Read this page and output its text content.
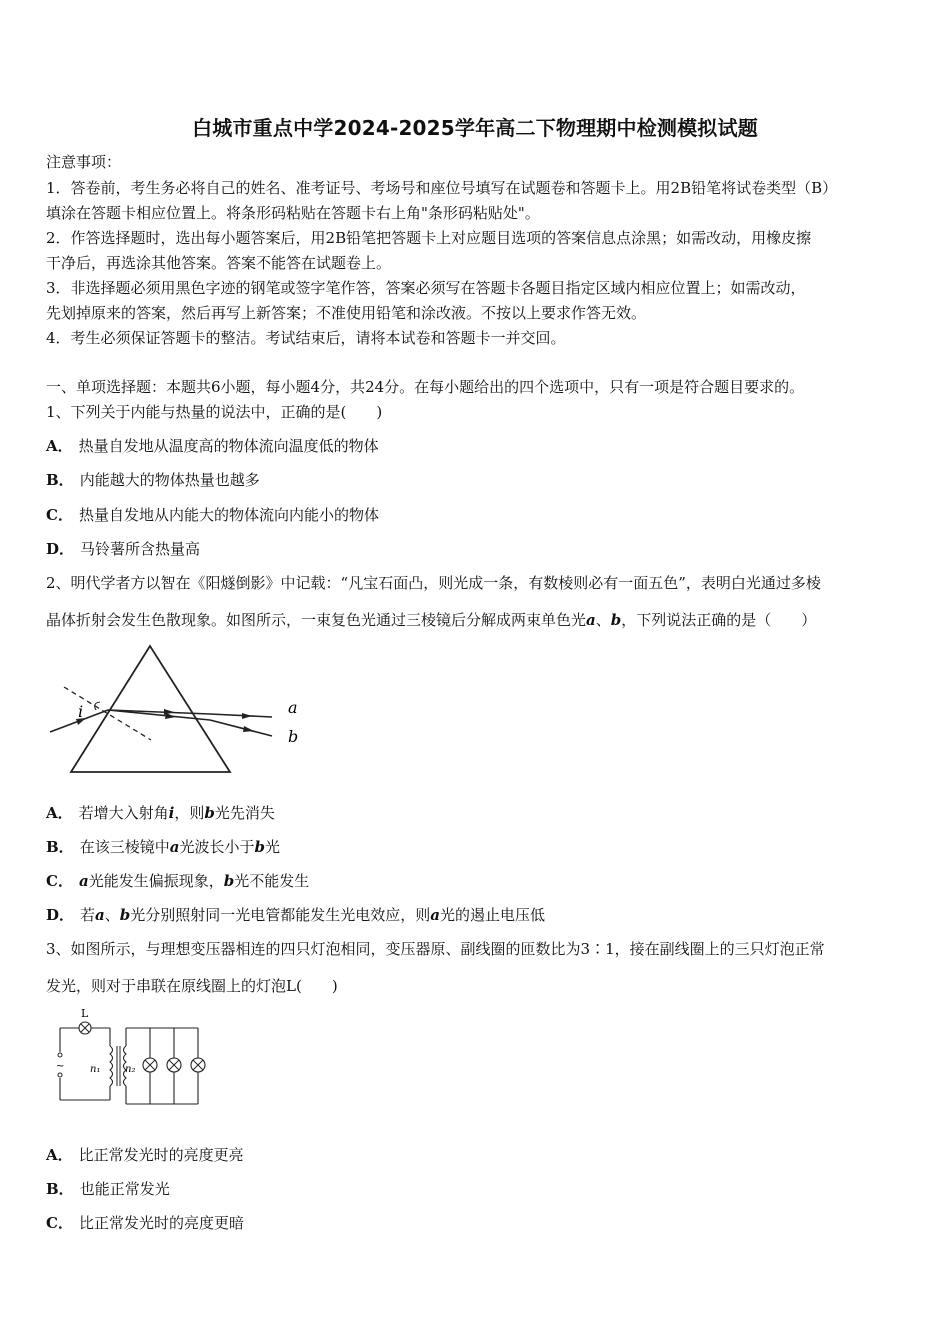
白城市重点中学2024-2025学年高二下物理期中检测模拟试题
注意事项：
1．答卷前，考生务必将自己的姓名、准考证号、考场号和座位号填写在试题卷和答题卡上。用2B铅笔将试卷类型（B）
填涂在答题卡相应位置上。将条形码粘贴在答题卡右上角"条形码粘贴处"。
2．作答选择题时，选出每小题答案后，用2B铅笔把答题卡上对应题目选项的答案信息点涂黑；如需改动，用橡皮擦
干净后，再选涂其他答案。答案不能答在试题卷上。
3．非选择题必须用黑色字迹的钢笔或签字笔作答，答案必须写在答题卡各题目指定区域内相应位置上；如需改动，
先划掉原来的答案，然后再写上新答案；不准使用铅笔和涂改液。不按以上要求作答无效。
4．考生必须保证答题卡的整洁。考试结束后，请将本试卷和答题卡一并交回。
一、单项选择题：本题共6小题，每小题4分，共24分。在每小题给出的四个选项中，只有一项是符合题目要求的。
1、下列关于内能与热量的说法中，正确的是(　　)
A． 热量自发地从温度高的物体流向温度低的物体
B． 内能越大的物体热量也越多
C． 热量自发地从内能大的物体流向内能小的物体
D． 马铃薯所含热量高
2、明代学者方以智在《阳燧倒影》中记载：“凡宝石面凸，则光成一条，有数棱则必有一面五色”，表明白光通过多棱
晶体折射会发生色散现象。如图所示，一束复色光通过三棱镜后分解成两束单色光a、b，下列说法正确的是（　　）
i	a
b
A． 若增大入射角i，则b光先消失
B． 在该三棱镜中a光波长小于b光
C． a光能发生偏振现象，b光不能发生
D． 若a、b光分别照射同一光电管都能发生光电效应，则a光的遏止电压低
3、如图所示，与理想变压器相连的四只灯泡相同，变压器原、副线圈的匝数比为3∶1，接在副线圈上的三只灯泡正常
发光，则对于串联在原线圈上的灯泡L(　　)
L
~	n₁ n₂
A． 比正常发光时的亮度更亮
B． 也能正常发光
C． 比正常发光时的亮度更暗
